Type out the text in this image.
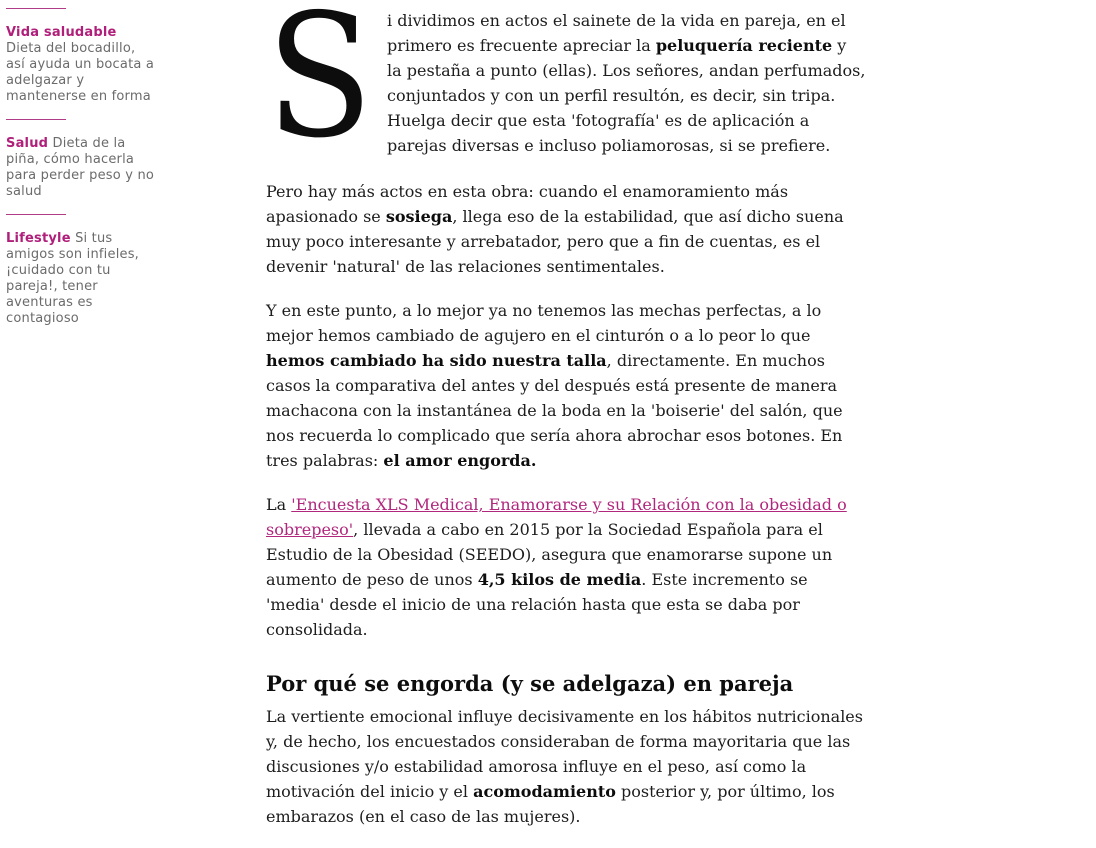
Vida saludable
Dieta del bocadillo, así ayuda un bocata a adelgazar y mantenerse en forma
Salud Dieta de la piña, cómo hacerla para perder peso y no salud
Lifestyle Si tus amigos son infieles, ¡cuidado con tu pareja!, tener aventuras es contagioso
S i dividimos en actos el sainete de la vida en pareja, en el primero es frecuente apreciar la peluquería reciente y la pestaña a punto (ellas). Los señores, andan perfumados, conjuntados y con un perfil resultón, es decir, sin tripa. Huelga decir que esta 'fotografía' es de aplicación a parejas diversas e incluso poliamorosas, si se prefiere.

Pero hay más actos en esta obra: cuando el enamoramiento más apasionado se sosiega, llega eso de la estabilidad, que así dicho suena muy poco interesante y arrebatador, pero que a fin de cuentas, es el devenir 'natural' de las relaciones sentimentales.

Y en este punto, a lo mejor ya no tenemos las mechas perfectas, a lo mejor hemos cambiado de agujero en el cinturón o a lo peor lo que hemos cambiado ha sido nuestra talla, directamente. En muchos casos la comparativa del antes y del después está presente de manera machacona con la instantánea de la boda en la 'boiserie' del salón, que nos recuerda lo complicado que sería ahora abrochar esos botones. En tres palabras: el amor engorda.

La 'Encuesta XLS Medical, Enamorarse y su Relación con la obesidad o sobrepeso', llevada a cabo en 2015 por la Sociedad Española para el Estudio de la Obesidad (SEEDO), asegura que enamorarse supone un aumento de peso de unos 4,5 kilos de media. Este incremento se 'media' desde el inicio de una relación hasta que esta se daba por consolidada.

Por qué se engorda (y se adelgaza) en pareja

La vertiente emocional influye decisivamente en los hábitos nutricionales y, de hecho, los encuestados consideraban de forma mayoritaria que las discusiones y/o estabilidad amorosa influye en el peso, así como la motivación del inicio y el acomodamiento posterior y, por último, los embarazos (en el caso de las mujeres).
